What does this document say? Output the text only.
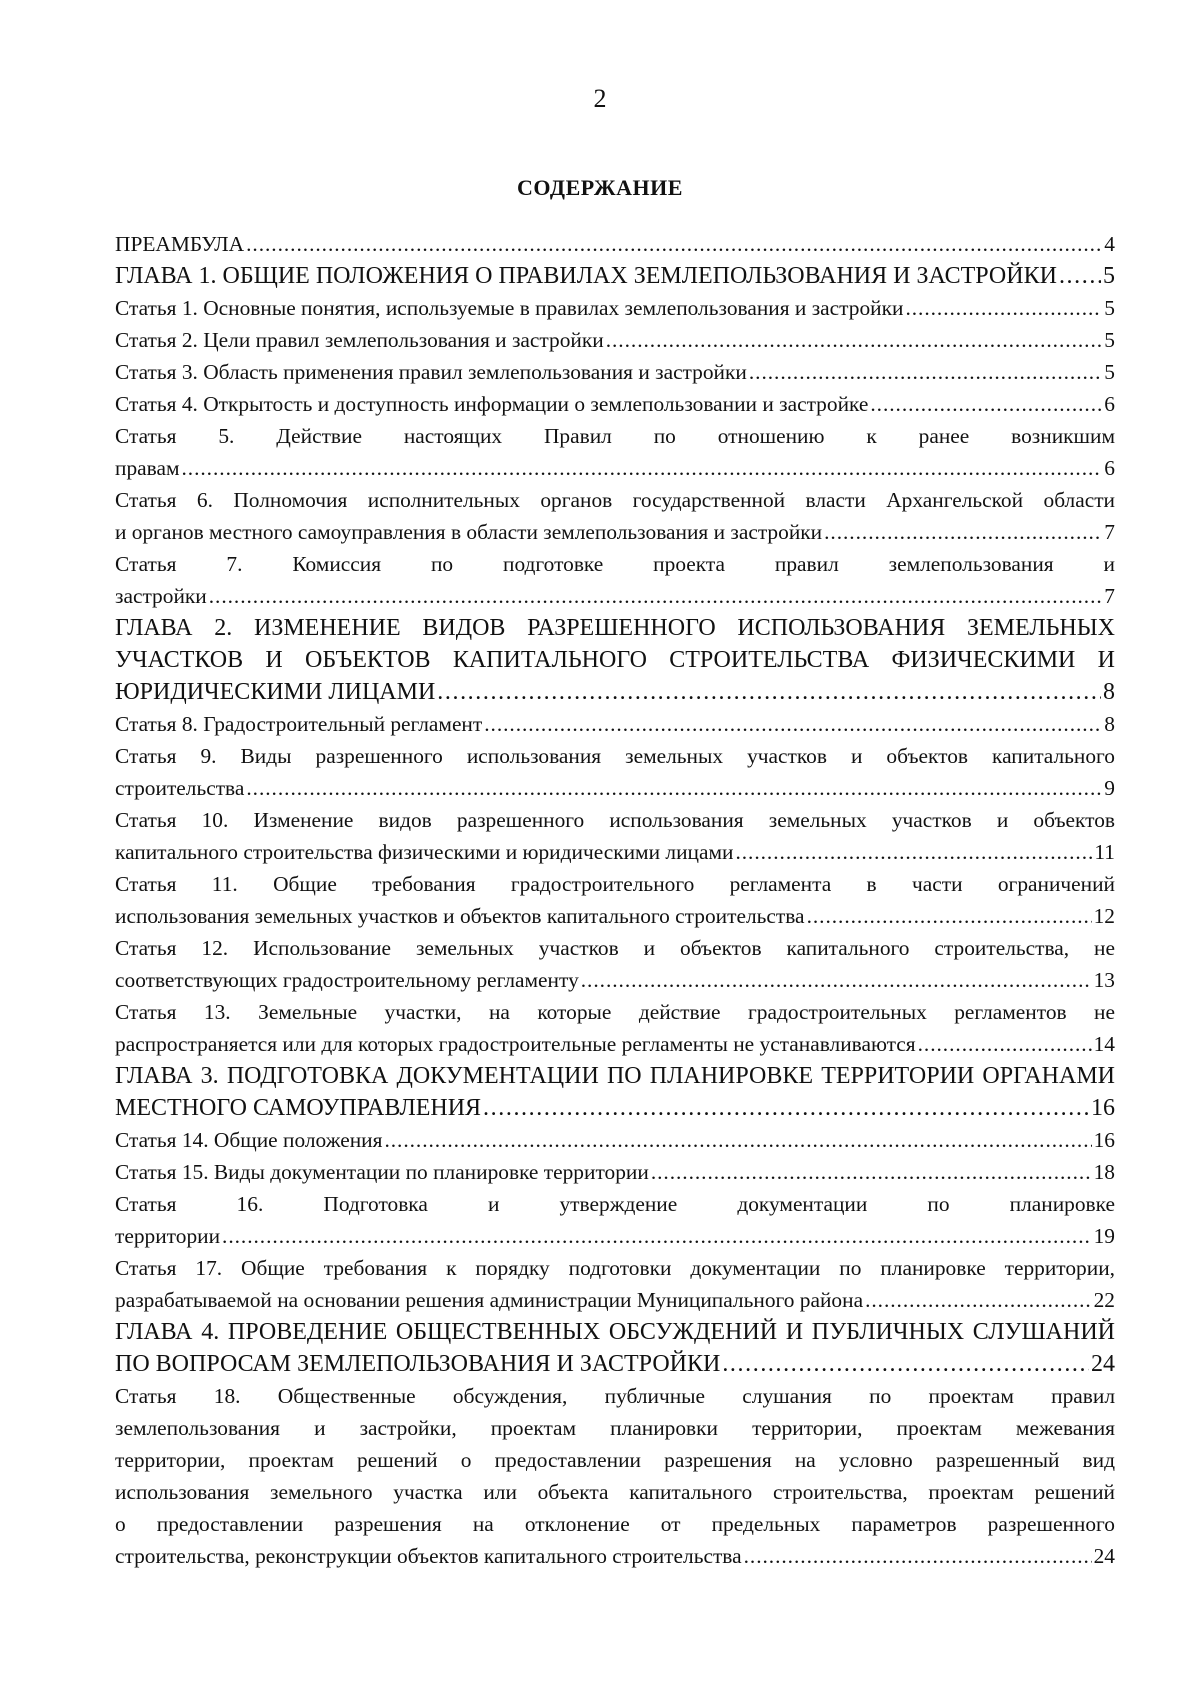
2
СОДЕРЖАНИЕ
ПРЕАМБУЛА . . .	4
ГЛАВА 1. ОБЩИЕ ПОЛОЖЕНИЯ О ПРАВИЛАХ ЗЕМЛЕПОЛЬЗОВАНИЯ И ЗАСТРОЙКИ . . . 5
Статья 1. Основные понятия, используемые в правилах землепользования и застройки . . .	5
Статья 2. Цели правил землепользования и застройки . . .	5
Статья 3. Область применения правил землепользования и застройки . . .	5
Статья 4. Открытость и доступность информации о землепользовании и застройке . . .	6
Статья 5. Действие настоящих Правил по отношению к ранее возникшим
правам . . .	6
Статья 6. Полномочия исполнительных органов государственной власти Архангельской области
и органов местного самоуправления в области землепользования и застройки . . .	7
Статья 7. Комиссия по подготовке проекта правил землепользования и
застройки . . .	7
ГЛАВА 2. ИЗМЕНЕНИЕ ВИДОВ РАЗРЕШЕННОГО ИСПОЛЬЗОВАНИЯ ЗЕМЕЛЬНЫХ
УЧАСТКОВ И ОБЪЕКТОВ КАПИТАЛЬНОГО СТРОИТЕЛЬСТВА ФИЗИЧЕСКИМИ И
ЮРИДИЧЕСКИМИ ЛИЦАМИ . . .	8
Статья 8. Градостроительный регламент . . .	8
Статья 9. Виды разрешенного использования земельных участков и объектов капитального
строительства . . .	9
Статья 10. Изменение видов разрешенного использования земельных участков и объектов
капитального строительства физическими и юридическими лицами . . .	11
Статья 11. Общие требования градостроительного регламента в части ограничений
использования земельных участков и объектов капитального строительства . . .	12
Статья 12. Использование земельных участков и объектов капитального строительства, не
соответствующих градостроительному регламенту . . .	13
Статья 13. Земельные участки, на которые действие градостроительных регламентов не
распространяется или для которых градостроительные регламенты не устанавливаются . . .	14
ГЛАВА 3. ПОДГОТОВКА ДОКУМЕНТАЦИИ ПО ПЛАНИРОВКЕ ТЕРРИТОРИИ ОРГАНАМИ
МЕСТНОГО САМОУПРАВЛЕНИЯ . . .	16
Статья 14. Общие положения . . .	16
Статья 15. Виды документации по планировке территории . . .	18
Статья 16. Подготовка и утверждение документации по планировке
территории . . .	19
Статья 17. Общие требования к порядку подготовки документации по планировке территории,
разрабатываемой на основании решения администрации Муниципального района . . .	22
ГЛАВА 4. ПРОВЕДЕНИЕ ОБЩЕСТВЕННЫХ ОБСУЖДЕНИЙ И ПУБЛИЧНЫХ СЛУШАНИЙ
ПО ВОПРОСАМ ЗЕМЛЕПОЛЬЗОВАНИЯ И ЗАСТРОЙКИ . . .	24
Статья 18. Общественные обсуждения, публичные слушания по проектам правил
землепользования и застройки, проектам планировки территории, проектам межевания
территории, проектам решений о предоставлении разрешения на условно разрешенный вид
использования земельного участка или объекта капитального строительства, проектам решений
о предоставлении разрешения на отклонение от предельных параметров разрешенного
строительства, реконструкции объектов капитального строительства . . .	24
